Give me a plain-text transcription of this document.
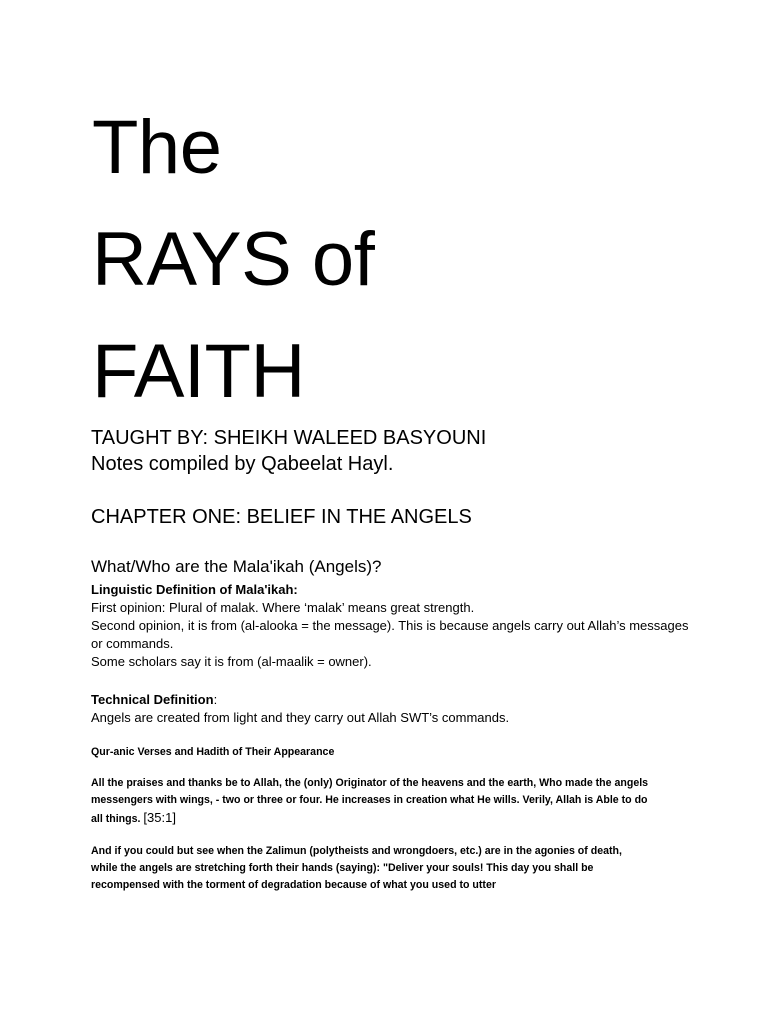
The
RAYS of
FAITH
TAUGHT BY: SHEIKH WALEED BASYOUNI
Notes compiled by Qabeelat Hayl.
CHAPTER ONE: BELIEF IN THE ANGELS
What/Who are the Mala'ikah (Angels)?
Linguistic Definition of Mala'ikah:
First opinion: Plural of malak. Where ‘malak’ means great strength.
Second opinion, it is from (al-alooka = the message). This is because angels carry out Allah’s messages or commands.
Some scholars say it is from (al-maalik = owner).
Technical Definition:
Angels are created from light and they carry out Allah SWT’s commands.
Qur-anic Verses and Hadith of Their Appearance
All the praises and thanks be to Allah, the (only) Originator of the heavens and the earth, Who made the angels messengers with wings, - two or three or four. He increases in creation what He wills. Verily, Allah is Able to do all things. [35:1]
And if you could but see when the Zalimun (polytheists and wrongdoers, etc.) are in the agonies of death, while the angels are stretching forth their hands (saying): "Deliver your souls! This day you shall be recompensed with the torment of degradation because of what you used to utter
